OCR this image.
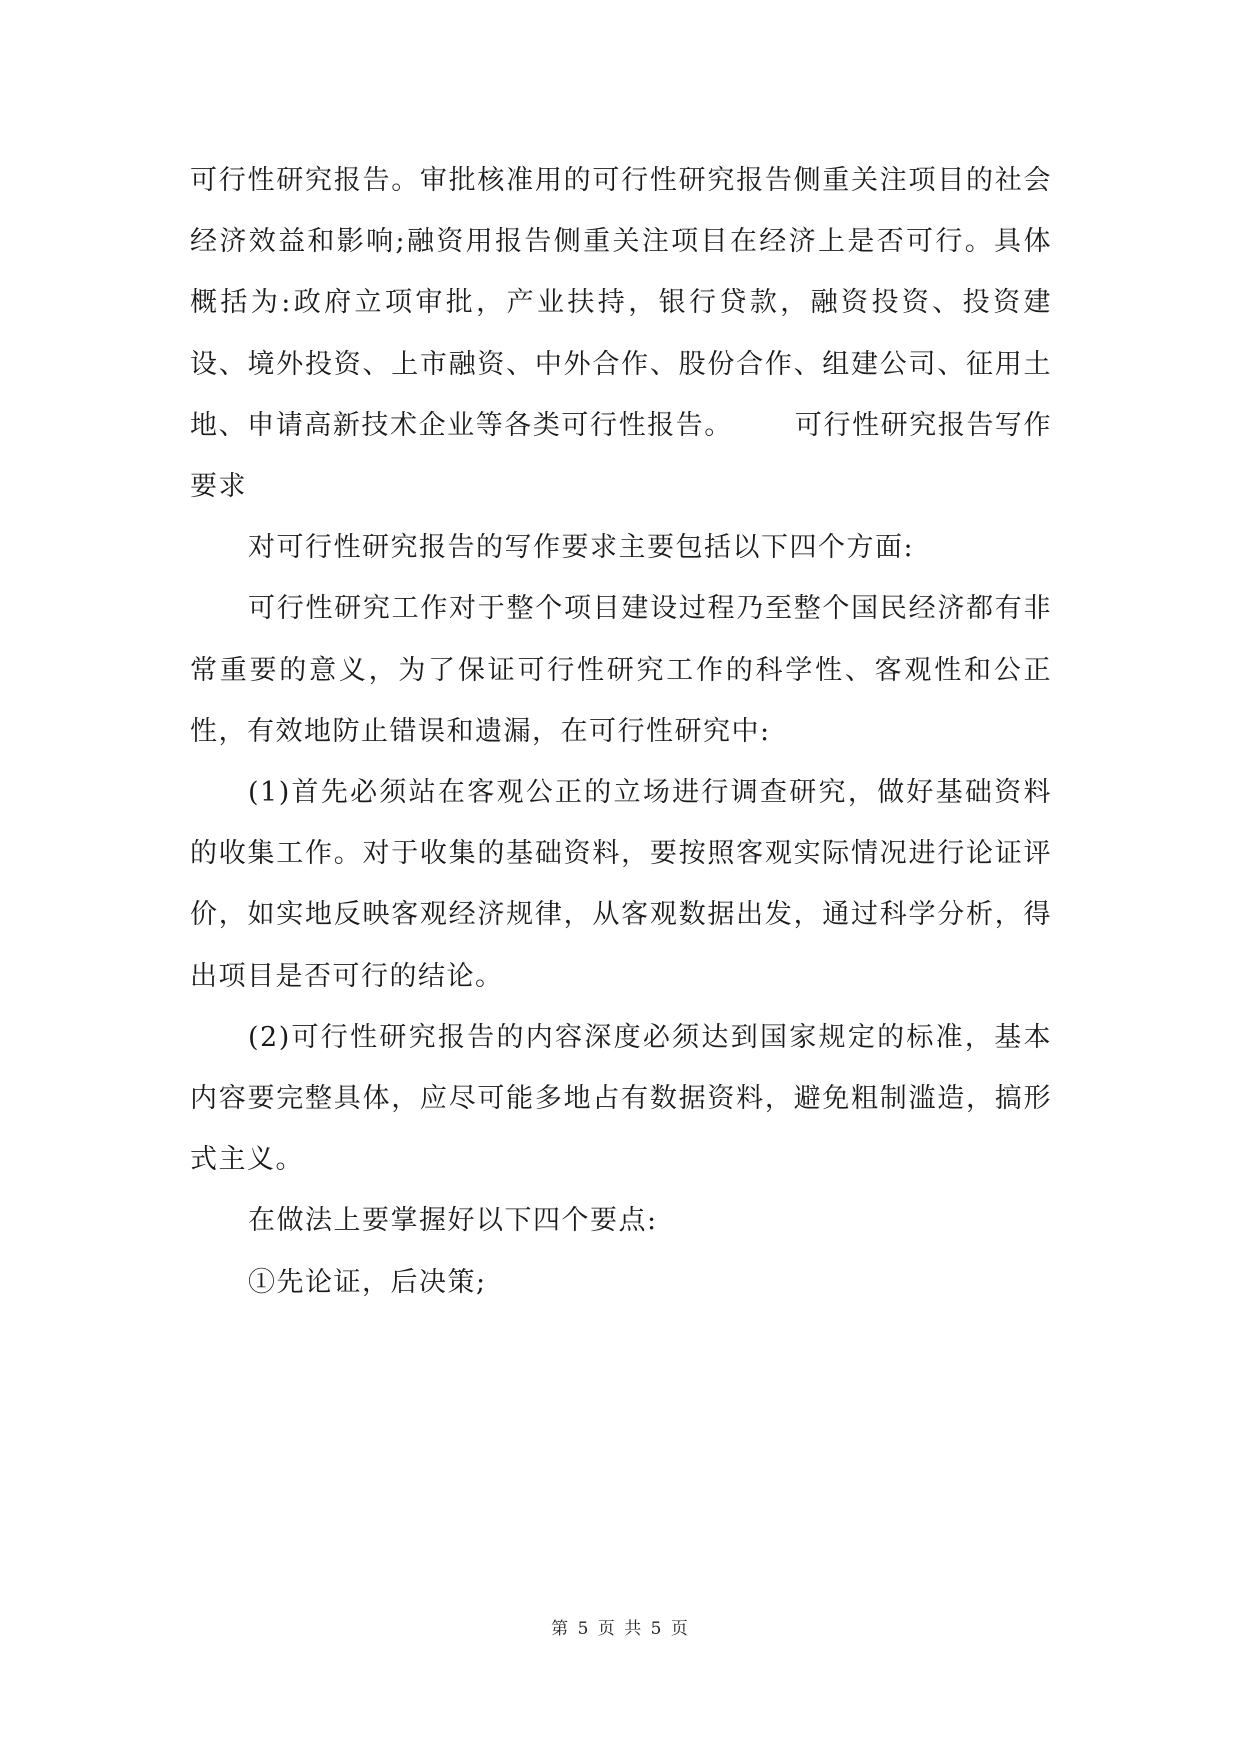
可行性研究报告。审批核准用的可行性研究报告侧重关注项目的社会经济效益和影响;融资用报告侧重关注项目在经济上是否可行。具体概括为:政府立项审批，产业扶持，银行贷款，融资投资、投资建设、境外投资、上市融资、中外合作、股份合作、组建公司、征用土地、申请高新技术企业等各类可行性报告。 可行性研究报告写作要求

对可行性研究报告的写作要求主要包括以下四个方面:

可行性研究工作对于整个项目建设过程乃至整个国民经济都有非常重要的意义，为了保证可行性研究工作的科学性、客观性和公正性，有效地防止错误和遗漏，在可行性研究中:

(1)首先必须站在客观公正的立场进行调查研究，做好基础资料的收集工作。对于收集的基础资料，要按照客观实际情况进行论证评价，如实地反映客观经济规律，从客观数据出发，通过科学分析，得出项目是否可行的结论。

(2)可行性研究报告的内容深度必须达到国家规定的标准，基本内容要完整具体，应尽可能多地占有数据资料，避免粗制滥造，搞形式主义。

在做法上要掌握好以下四个要点:

①先论证，后决策;

第 5 页 共 5 页
